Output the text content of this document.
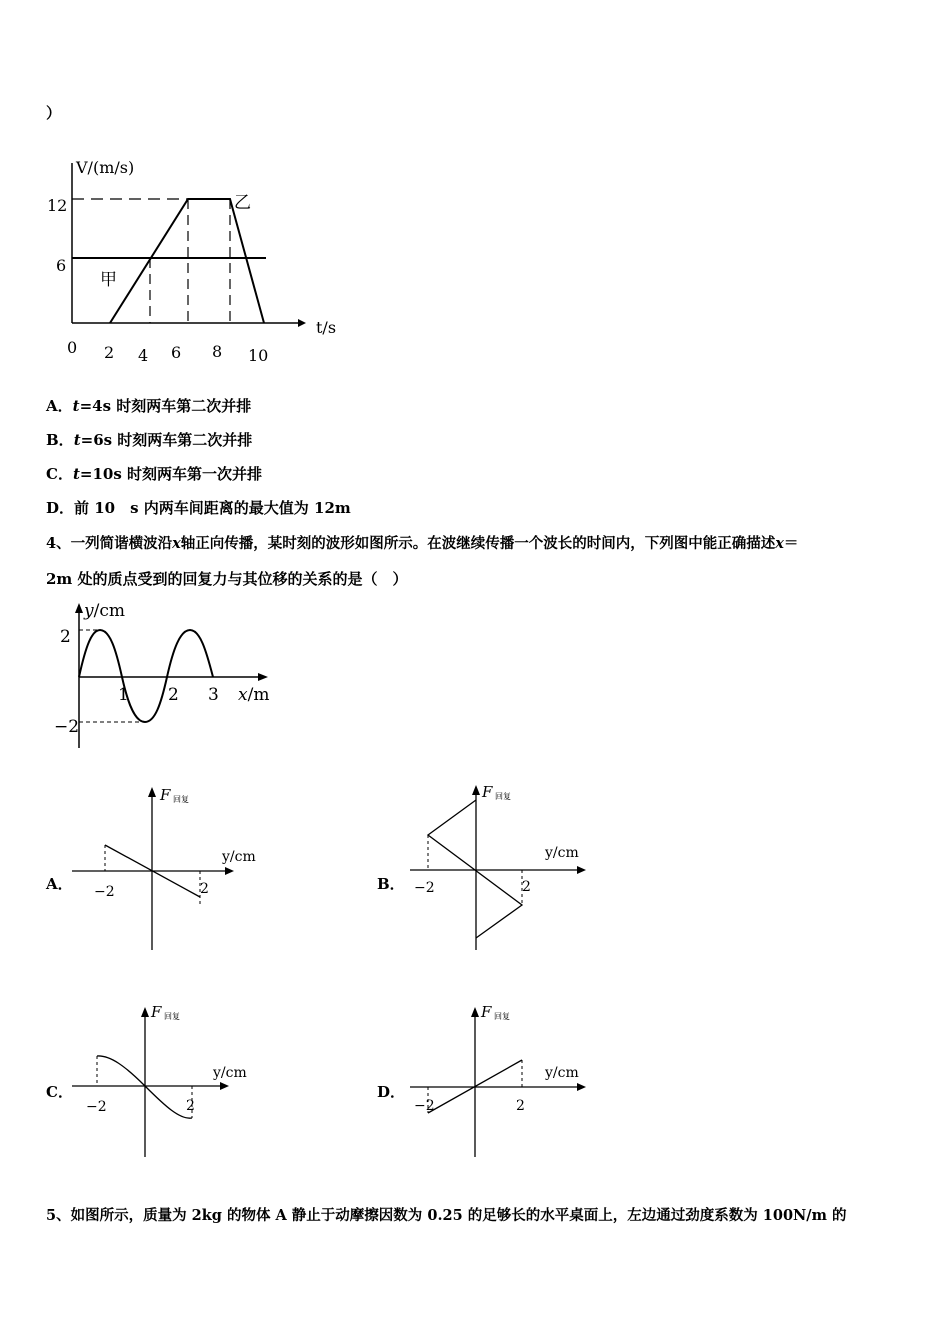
）
V/(m/s)
t/s
12
6
0 2 4 6 8 10
甲
乙
A．t=4s 时刻两车第二次并排
B．t=6s 时刻两车第二次并排
C．t=10s 时刻两车第一次并排
D．前 10　s 内两车间距离的最大值为 12m
4、一列简谐横波沿x轴正向传播，某时刻的波形如图所示。在波继续传播一个波长的时间内，下列图中能正确描述x＝
2m 处的质点受到的回复力与其位移的关系的是（　）
y/cm
x/m
2
−2
1 2 3
A．	B．
C．	D．
F 回复
y/cm
−2	2
F 回复
y/cm
−2	2
F 回复
y/cm
−2	2
F 回复
y/cm
−2	2
5、如图所示，质量为 2kg 的物体 A 静止于动摩擦因数为 0.25 的足够长的水平桌面上，左边通过劲度系数为 100N/m 的
